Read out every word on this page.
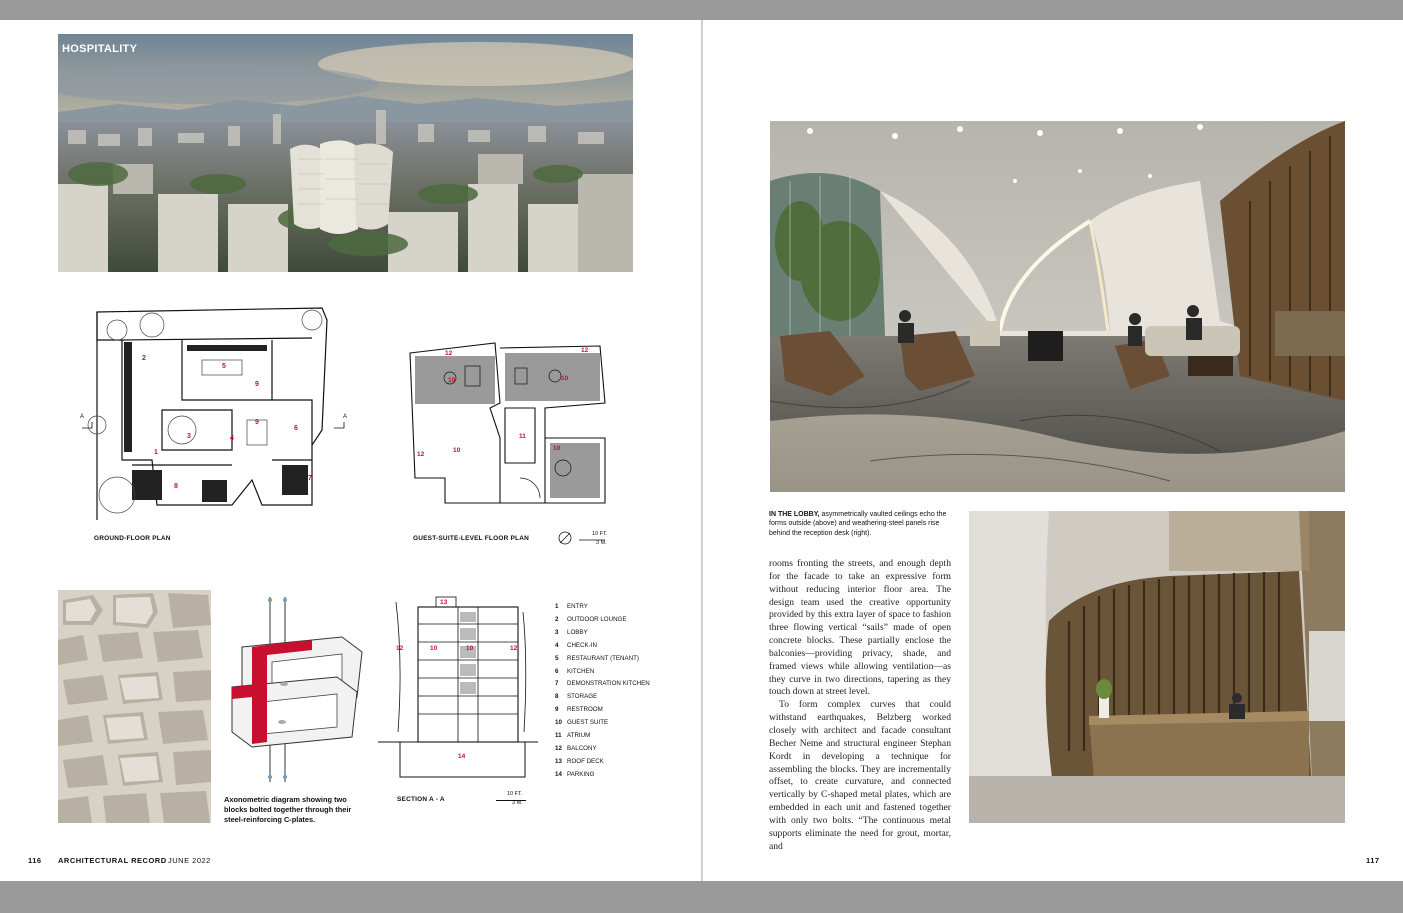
HOSPITALITY
1
2
3	4
5
6
7
8
9
9
A	A
GROUND-FLOOR PLAN
12	12
12
10
10
11
10
10
GUEST-SUITE-LEVEL FLOOR PLAN
10 FT.
3 M.
Axonometric diagram showing two blocks bolted together through their steel-reinforcing C-plates.
13
12	12
10	10
14
SECTION A - A
10 FT.
3 M.
1	ENTRY
2	OUTDOOR LOUNGE
3	LOBBY
4	CHECK-IN
5	RESTAURANT (TENANT)
6	KITCHEN
7	DEMONSTRATION KITCHEN
8	STORAGE
9	RESTROOM
10 GUEST SUITE
11 ATRIUM
12 BALCONY
13 ROOF DECK
14 PARKING
IN THE LOBBY, asymmetrically vaulted ceilings echo the forms outside (above) and weathering-steel panels rise behind the reception desk (right).

rooms fronting the streets, and enough depth for the facade to take an expressive form without reducing interior floor area. The design team used the creative opportunity provided by this extra layer of space to fashion three flowing vertical “sails” made of open concrete blocks. These partially enclose the balconies—providing privacy, shade, and framed views while allowing ventilation—as they curve in two directions, tapering as they touch down at street level.

To form complex curves that could withstand earthquakes, Belzberg worked closely with architect and facade consultant Becher Neme and structural engineer Stephan Kordt in developing a technique for assembling the blocks. They are incrementally offset, to create curvature, and connected vertically by C-shaped metal plates, which are embedded in each unit and fastened together with only two bolts. “The continuous metal supports eliminate the need for grout, mortar, and

116 ARCHITECTURAL RECORD JUNE 2022	117
